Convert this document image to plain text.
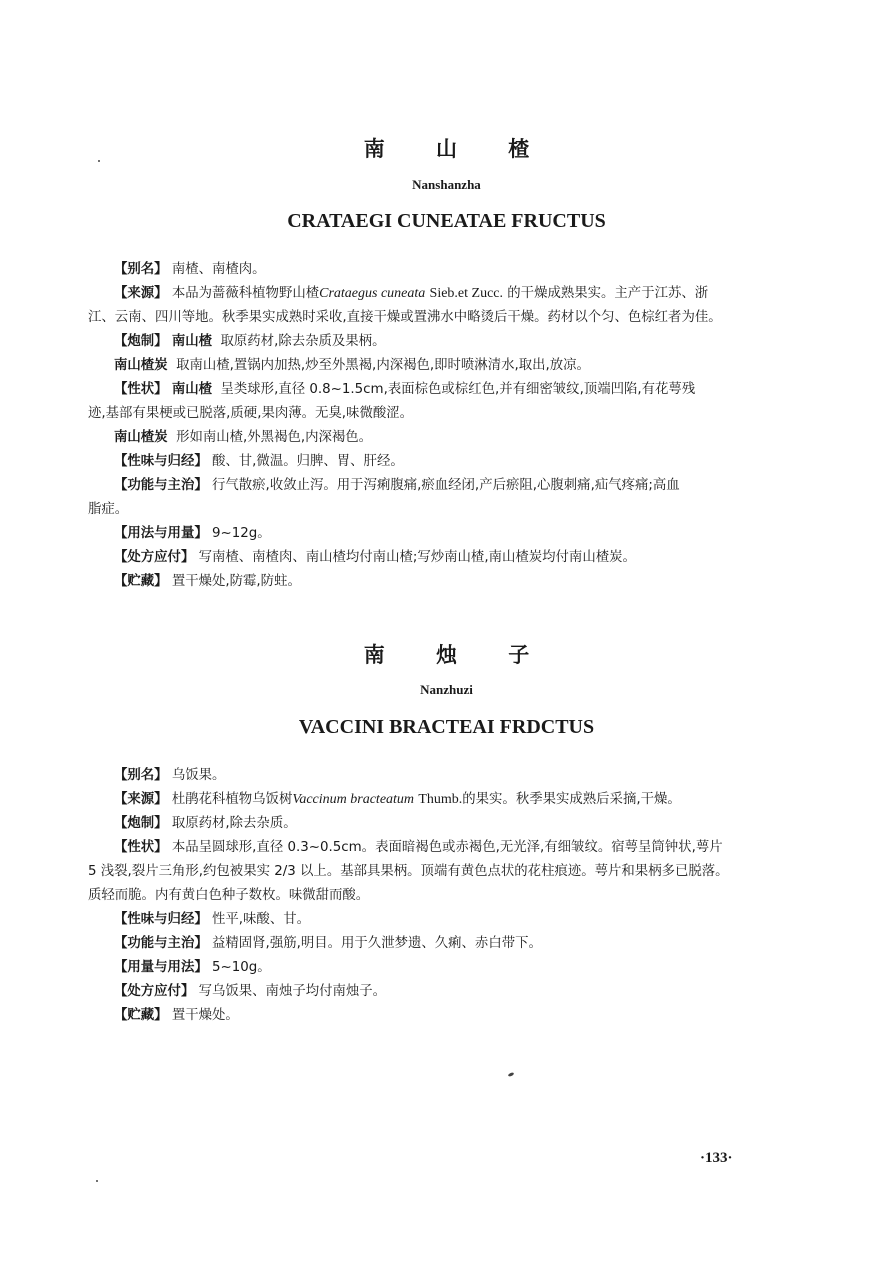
南 山 楂
Nanshanzha
CRATAEGI CUNEATAE FRUCTUS
【别名】 南楂、南楂肉。
【来源】 本品为蔷薇科植物野山楂Crataegus cuneata Sieb.et Zucc. 的干燥成熟果实。主产于江苏、浙
江、云南、四川等地。秋季果实成熟时采收,直接干燥或置沸水中略烫后干燥。药材以个匀、色棕红者为佳。
【炮制】 南山楂 取原药材,除去杂质及果柄。
南山楂炭 取南山楂,置锅内加热,炒至外黑褐,内深褐色,即时喷淋清水,取出,放凉。
【性状】 南山楂 呈类球形,直径 0.8~1.5cm,表面棕色或棕红色,并有细密皱纹,顶端凹陷,有花萼残
迹,基部有果梗或已脱落,质硬,果肉薄。无臭,味微酸涩。
南山楂炭 形如南山楂,外黑褐色,内深褐色。
【性味与归经】 酸、甘,微温。归脾、胃、肝经。
【功能与主治】 行气散瘀,收敛止泻。用于泻痢腹痛,瘀血经闭,产后瘀阻,心腹刺痛,疝气疼痛;高血
脂症。
【用法与用量】 9~12g。
【处方应付】 写南楂、南楂肉、南山楂均付南山楂;写炒南山楂,南山楂炭均付南山楂炭。
【贮藏】 置干燥处,防霉,防蛀。
南 烛 子
Nanzhuzi
VACCINI BRACTEAI FRDCTUS
【别名】 乌饭果。
【来源】 杜鹃花科植物乌饭树Vaccinum bracteatum Thumb.的果实。秋季果实成熟后采摘,干燥。
【炮制】 取原药材,除去杂质。
【性状】 本品呈圆球形,直径 0.3~0.5cm。表面暗褐色或赤褐色,无光泽,有细皱纹。宿萼呈筒钟状,萼片
5 浅裂,裂片三角形,约包被果实 2/3 以上。基部具果柄。顶端有黄色点状的花柱痕迹。萼片和果柄多已脱落。
质轻而脆。内有黄白色种子数枚。味微甜而酸。
【性味与归经】 性平,味酸、甘。
【功能与主治】 益精固肾,强筋,明目。用于久泄梦遗、久痢、赤白带下。
【用量与用法】 5~10g。
【处方应付】 写乌饭果、南烛子均付南烛子。
【贮藏】 置干燥处。
·133·
